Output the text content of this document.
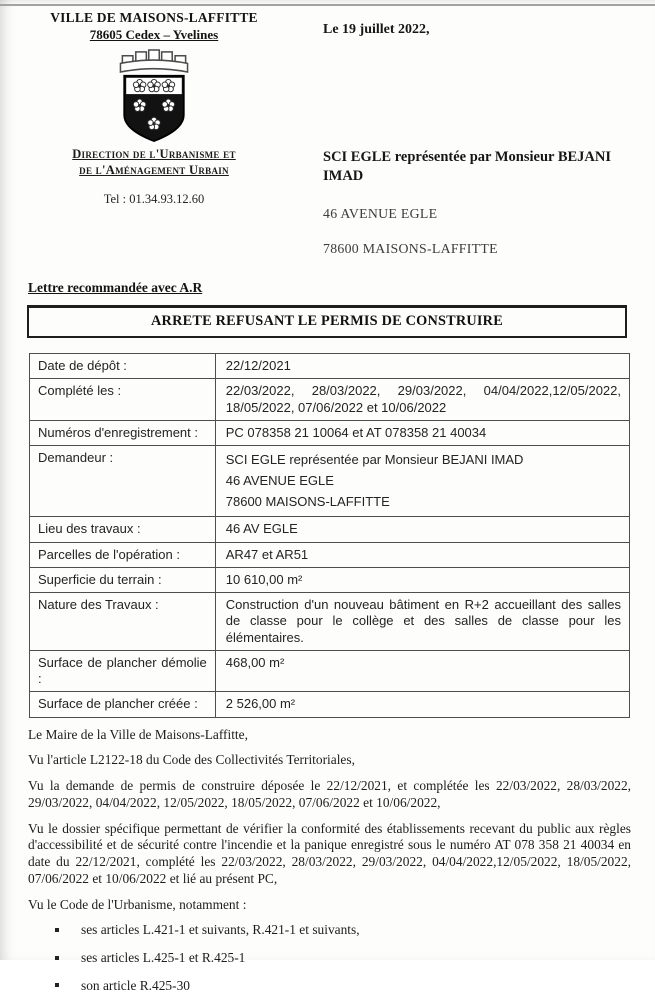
VILLE DE MAISONS-LAFFITTE
78605 Cedex – Yvelines
Direction de l'Urbanisme et
de l'Aménagement Urbain
Tel : 01.34.93.12.60
Le 19 juillet 2022,
SCI EGLE représentée par Monsieur BEJANI IMAD
46 AVENUE EGLE
78600 MAISONS-LAFFITTE
Lettre recommandée avec A.R
ARRETE REFUSANT LE PERMIS DE CONSTRUIRE
Date de dépôt :	22/12/2021
Complété les :	22/03/2022, 28/03/2022, 29/03/2022, 04/04/2022,12/05/2022, 18/05/2022, 07/06/2022 et 10/06/2022
Numéros d'enregistrement :	PC 078358 21 10064 et AT 078358 21 40034
Demandeur :	SCI EGLE représentée par Monsieur BEJANI IMAD
46 AVENUE EGLE
78600 MAISONS-LAFFITTE

Lieu des travaux :	46 AV EGLE
Parcelles de l'opération :	AR47 et AR51
Superficie du terrain :	10 610,00 m²
Nature des Travaux :	Construction d'un nouveau bâtiment en R+2 accueillant des salles de classe pour le collège et des salles de classe pour les élémentaires.
Surface de plancher démolie :	468,00 m²
Surface de plancher créée :	2 526,00 m²

Le Maire de la Ville de Maisons-Laffitte,

Vu l'article L2122-18 du Code des Collectivités Territoriales,

Vu la demande de permis de construire déposée le 22/12/2021, et complétée les 22/03/2022, 28/03/2022, 29/03/2022, 04/04/2022, 12/05/2022, 18/05/2022, 07/06/2022 et 10/06/2022,

Vu le dossier spécifique permettant de vérifier la conformité des établissements recevant du public aux règles d'accessibilité et de sécurité contre l'incendie et la panique enregistré sous le numéro AT 078 358 21 40034 en date du 22/12/2021, complété les 22/03/2022, 28/03/2022, 29/03/2022, 04/04/2022,12/05/2022, 18/05/2022, 07/06/2022 et 10/06/2022 et lié au présent PC,

Vu le Code de l'Urbanisme, notamment :

ses articles L.421-1 et suivants, R.421-1 et suivants,
ses articles L.425-1 et R.425-1
son article R.425-30
